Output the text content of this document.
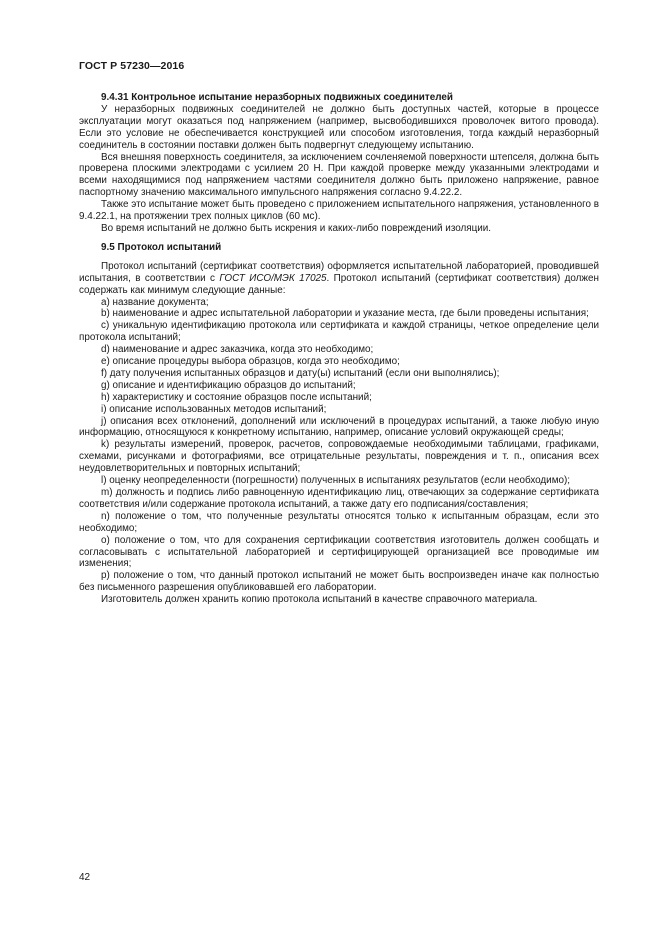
ГОСТ Р 57230—2016

9.4.31 Контрольное испытание неразборных подвижных соединителей

У неразборных подвижных соединителей не должно быть доступных частей, которые в процессе эксплуатации могут оказаться под напряжением (например, высвободившихся проволочек витого провода). Если это условие не обеспечивается конструкцией или способом изготовления, тогда каждый неразборный соединитель в состоянии поставки должен быть подвергнут следующему испытанию.

Вся внешняя поверхность соединителя, за исключением сочленяемой поверхности штепселя, должна быть проверена плоскими электродами с усилием 20 Н. При каждой проверке между указанными электродами и всеми находящимися под напряжением частями соединителя должно быть приложено напряжение, равное паспортному значению максимального импульсного напряжения согласно 9.4.22.2.

Также это испытание может быть проведено с приложением испытательного напряжения, установленного в 9.4.22.1, на протяжении трех полных циклов (60 мс).

Во время испытаний не должно быть искрения и каких-либо повреждений изоляции.

9.5 Протокол испытаний

Протокол испытаний (сертификат соответствия) оформляется испытательной лабораторией, проводившей испытания, в соответствии с ГОСТ ИСО/МЭК 17025. Протокол испытаний (сертификат соответствия) должен содержать как минимум следующие данные:

a) название документа;

b) наименование и адрес испытательной лаборатории и указание места, где были проведены испытания;

c) уникальную идентификацию протокола или сертификата и каждой страницы, четкое определение цели протокола испытаний;

d) наименование и адрес заказчика, когда это необходимо;

e) описание процедуры выбора образцов, когда это необходимо;

f) дату получения испытанных образцов и дату(ы) испытаний (если они выполнялись);

g) описание и идентификацию образцов до испытаний;

h) характеристику и состояние образцов после испытаний;

i) описание использованных методов испытаний;

j) описания всех отклонений, дополнений или исключений в процедурах испытаний, а также любую иную информацию, относящуюся к конкретному испытанию, например, описание условий окружающей среды;

k) результаты измерений, проверок, расчетов, сопровождаемые необходимыми таблицами, графиками, схемами, рисунками и фотографиями, все отрицательные результаты, повреждения и т. п., описания всех неудовлетворительных и повторных испытаний;

l) оценку неопределенности (погрешности) полученных в испытаниях результатов (если необходимо);

m) должность и подпись либо равноценную идентификацию лиц, отвечающих за содержание сертификата соответствия и/или содержание протокола испытаний, а также дату его подписания/составления;

n) положение о том, что полученные результаты относятся только к испытанным образцам, если это необходимо;

o) положение о том, что для сохранения сертификации соответствия изготовитель должен сообщать и согласовывать с испытательной лабораторией и сертифицирующей организацией все проводимые им изменения;

p) положение о том, что данный протокол испытаний не может быть воспроизведен иначе как полностью без письменного разрешения опубликовавшей его лаборатории.

Изготовитель должен хранить копию протокола испытаний в качестве справочного материала.

42
